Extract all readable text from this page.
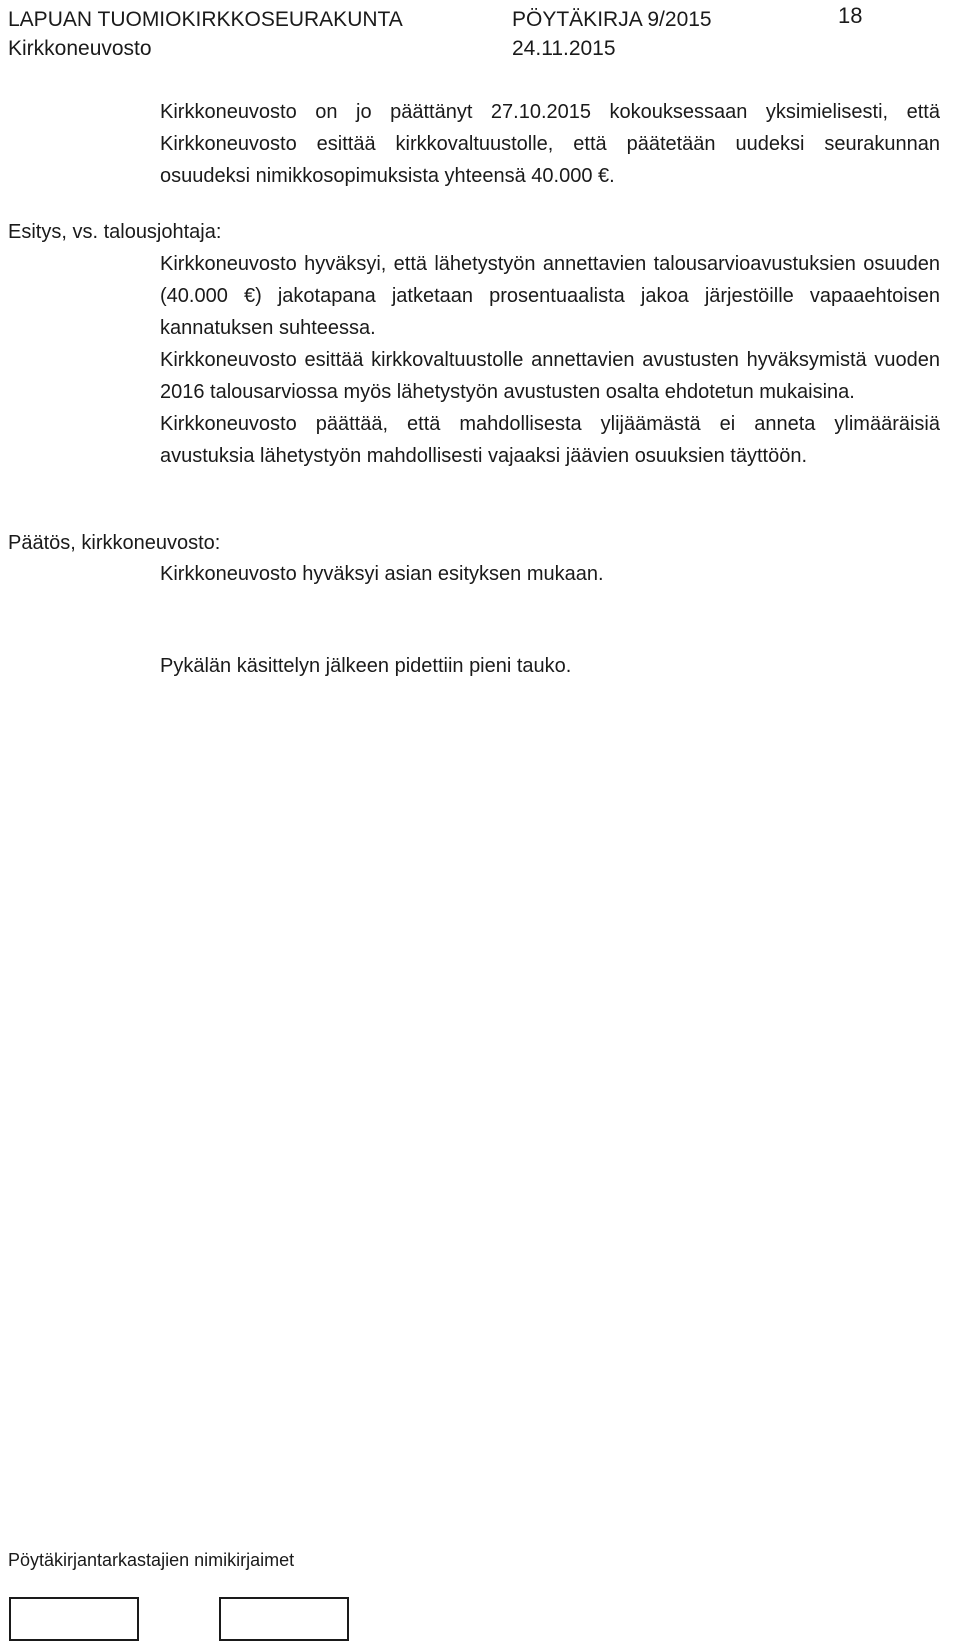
LAPUAN TUOMIOKIRKKOSEURAKUNTA
Kirkkoneuvosto
PÖYTÄKIRJA 9/2015
24.11.2015
18

Kirkkoneuvosto on jo päättänyt 27.10.2015 kokouksessaan yksimielisesti, että Kirkkoneuvosto esittää kirkkovaltuustolle, että päätetään uudeksi seurakunnan osuudeksi nimikkosopimuksista yhteensä 40.000 €.

Esitys, vs. talousjohtaja:

Kirkkoneuvosto hyväksyi, että lähetystyön annettavien talousarvioavustuksien osuuden (40.000 €) jakotapana jatketaan prosentuaalista jakoa järjestöille vapaaehtoisen kannatuksen suhteessa.

Kirkkoneuvosto esittää kirkkovaltuustolle annettavien avustusten hyväksymistä vuoden 2016 talousarviossa myös lähetystyön avustusten osalta ehdotetun mukaisina.

Kirkkoneuvosto päättää, että mahdollisesta ylijäämästä ei anneta ylimääräisiä avustuksia lähetystyön mahdollisesti vajaaksi jäävien osuuksien täyttöön.

Päätös, kirkkoneuvosto:

Kirkkoneuvosto hyväksyi asian esityksen mukaan.

Pykälän käsittelyn jälkeen pidettiin pieni tauko.

Pöytäkirjantarkastajien nimikirjaimet
